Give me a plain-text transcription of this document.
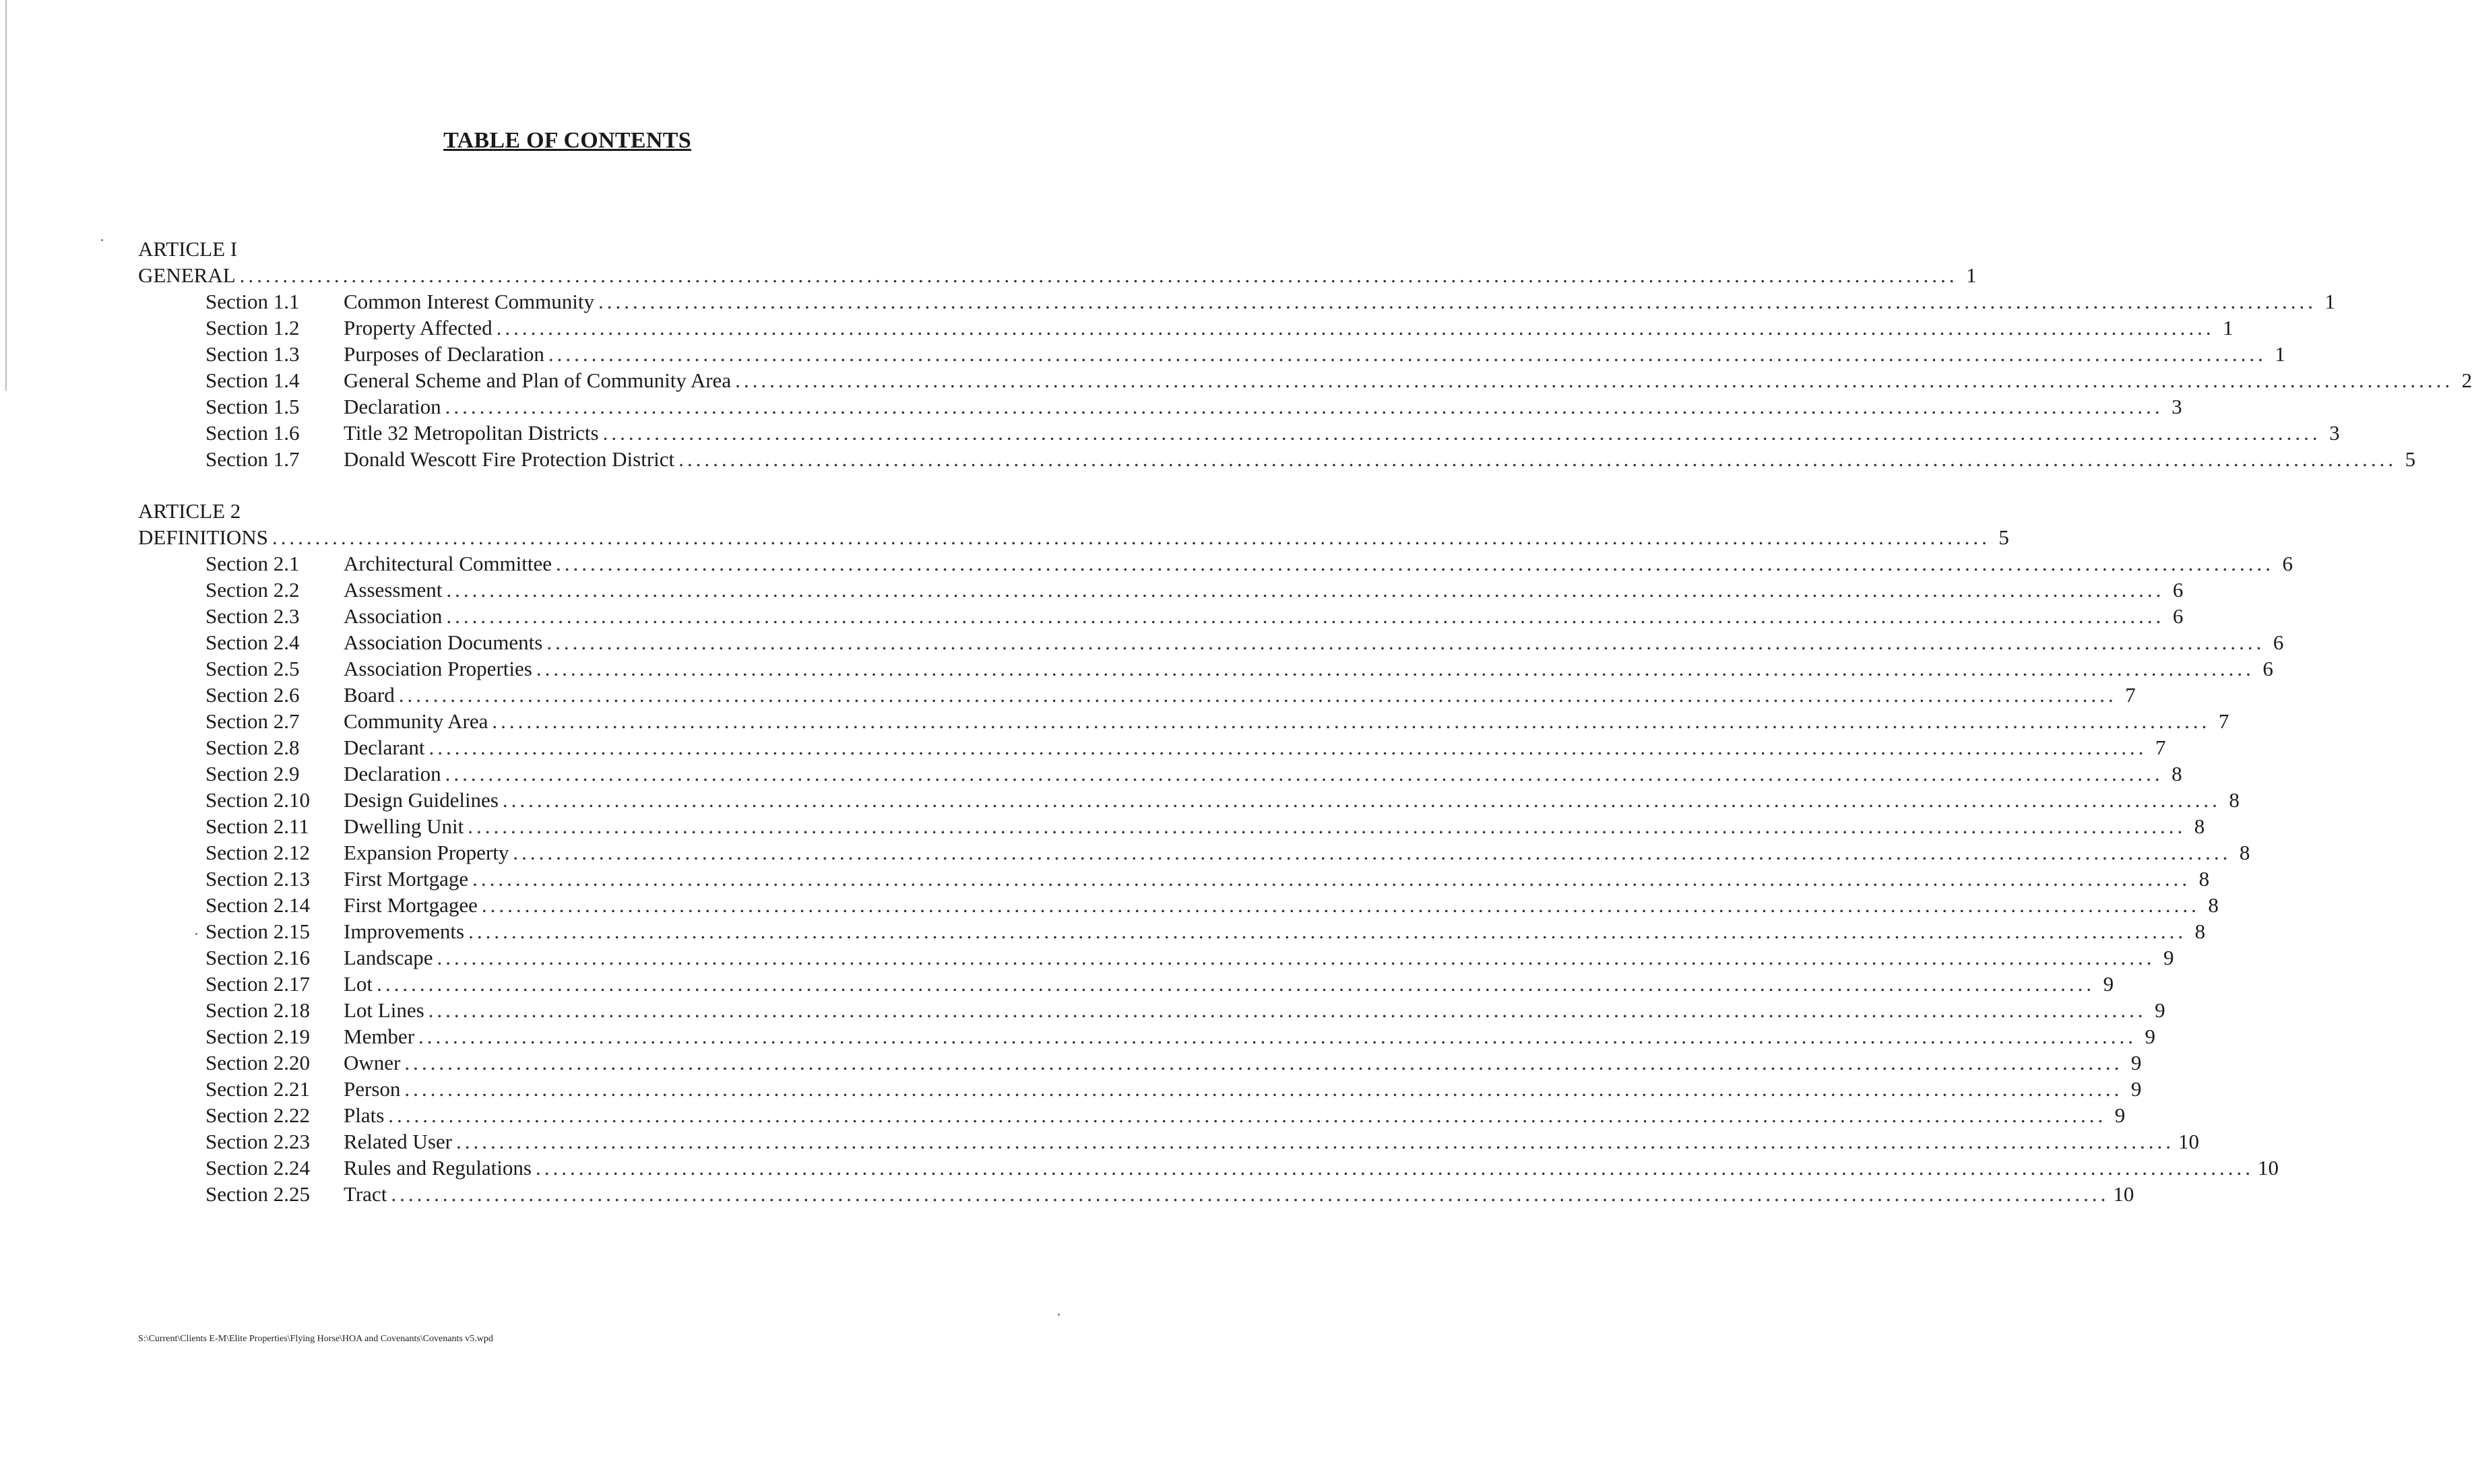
TABLE OF CONTENTS
ARTICLE I
GENERAL ........................................................................................................................................................................................................ 1
Section 1.1	Common Interest Community ........................................................................................................................................................................................................ 1
Section 1.2	Property Affected ........................................................................................................................................................................................................ 1
Section 1.3	Purposes of Declaration ........................................................................................................................................................................................................ 1
Section 1.4	General Scheme and Plan of Community Area ........................................................................................................................................................................................................ 2
Section 1.5	Declaration ........................................................................................................................................................................................................ 3
Section 1.6	Title 32 Metropolitan Districts ........................................................................................................................................................................................................ 3
Section 1.7	Donald Wescott Fire Protection District ........................................................................................................................................................................................................ 5
ARTICLE 2
DEFINITIONS ........................................................................................................................................................................................................ 5
Section 2.1	Architectural Committee ........................................................................................................................................................................................................ 6
Section 2.2	Assessment ........................................................................................................................................................................................................ 6
Section 2.3	Association ........................................................................................................................................................................................................ 6
Section 2.4	Association Documents ........................................................................................................................................................................................................ 6
Section 2.5	Association Properties ........................................................................................................................................................................................................ 6
Section 2.6	Board ........................................................................................................................................................................................................ 7
Section 2.7	Community Area ........................................................................................................................................................................................................ 7
Section 2.8	Declarant ........................................................................................................................................................................................................ 7
Section 2.9	Declaration ........................................................................................................................................................................................................ 8
Section 2.10	Design Guidelines ........................................................................................................................................................................................................ 8
Section 2.11	Dwelling Unit ........................................................................................................................................................................................................ 8
Section 2.12	Expansion Property ........................................................................................................................................................................................................ 8
Section 2.13	First Mortgage ........................................................................................................................................................................................................ 8
Section 2.14	First Mortgagee ........................................................................................................................................................................................................ 8
Section 2.15	Improvements ........................................................................................................................................................................................................ 8
Section 2.16	Landscape ........................................................................................................................................................................................................ 9
Section 2.17	Lot ........................................................................................................................................................................................................ 9
Section 2.18	Lot Lines ........................................................................................................................................................................................................ 9
Section 2.19	Member ........................................................................................................................................................................................................ 9
Section 2.20	Owner ........................................................................................................................................................................................................ 9
Section 2.21	Person ........................................................................................................................................................................................................ 9
Section 2.22	Plats ........................................................................................................................................................................................................ 9
Section 2.23	Related User ........................................................................................................................................................................................................ 10
Section 2.24	Rules and Regulations ........................................................................................................................................................................................................ 10
Section 2.25	Tract ........................................................................................................................................................................................................ 10
S:\Current\Clients E-M\Elite Properties\Flying Horse\HOA and Covenants\Covenants v5.wpd
